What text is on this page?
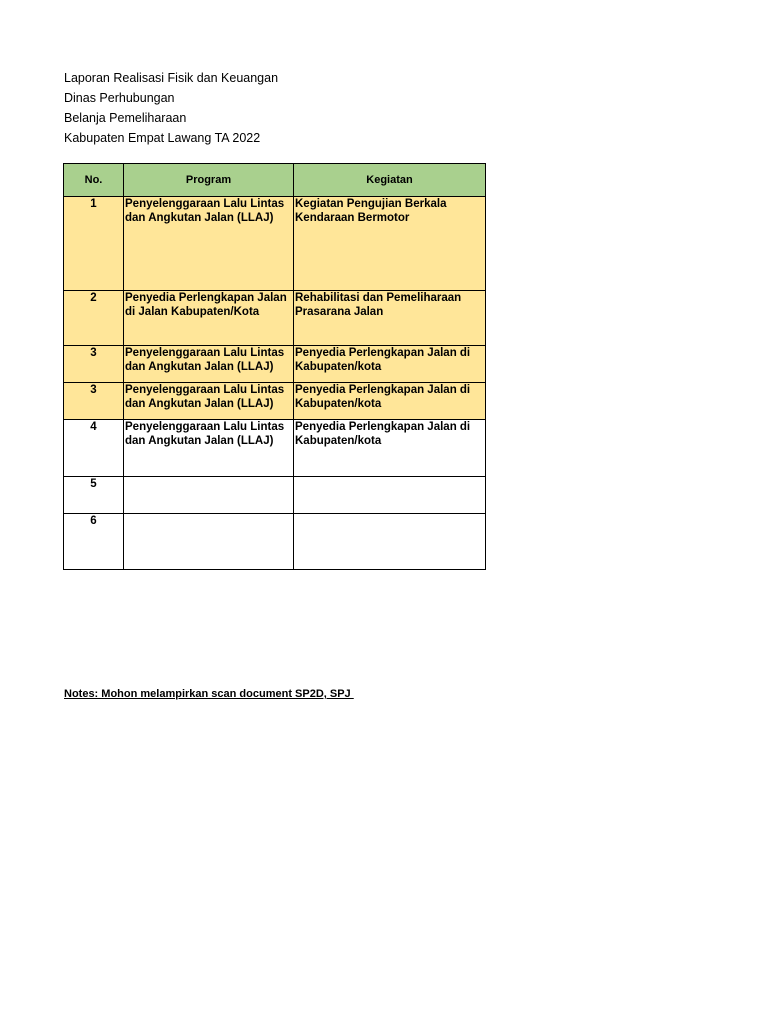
Laporan Realisasi Fisik dan Keuangan
Dinas Perhubungan
Belanja Pemeliharaan
Kabupaten Empat Lawang TA 2022
No.	Program	Kegiatan
1	Penyelenggaraan Lalu Lintas dan Angkutan Jalan (LLAJ)	Kegiatan Pengujian Berkala Kendaraan Bermotor
2	Penyedia Perlengkapan Jalan di Jalan Kabupaten/Kota	Rehabilitasi dan Pemeliharaan Prasarana Jalan
3	Penyelenggaraan Lalu Lintas dan Angkutan Jalan (LLAJ)	Penyedia Perlengkapan Jalan di Kabupaten/kota
3	Penyelenggaraan Lalu Lintas dan Angkutan Jalan (LLAJ)	Penyedia Perlengkapan Jalan di Kabupaten/kota
4	Penyelenggaraan Lalu Lintas dan Angkutan Jalan (LLAJ)	Penyedia Perlengkapan Jalan di Kabupaten/kota
5		
6		
Notes: Mohon melampirkan scan document SP2D, SPJ
